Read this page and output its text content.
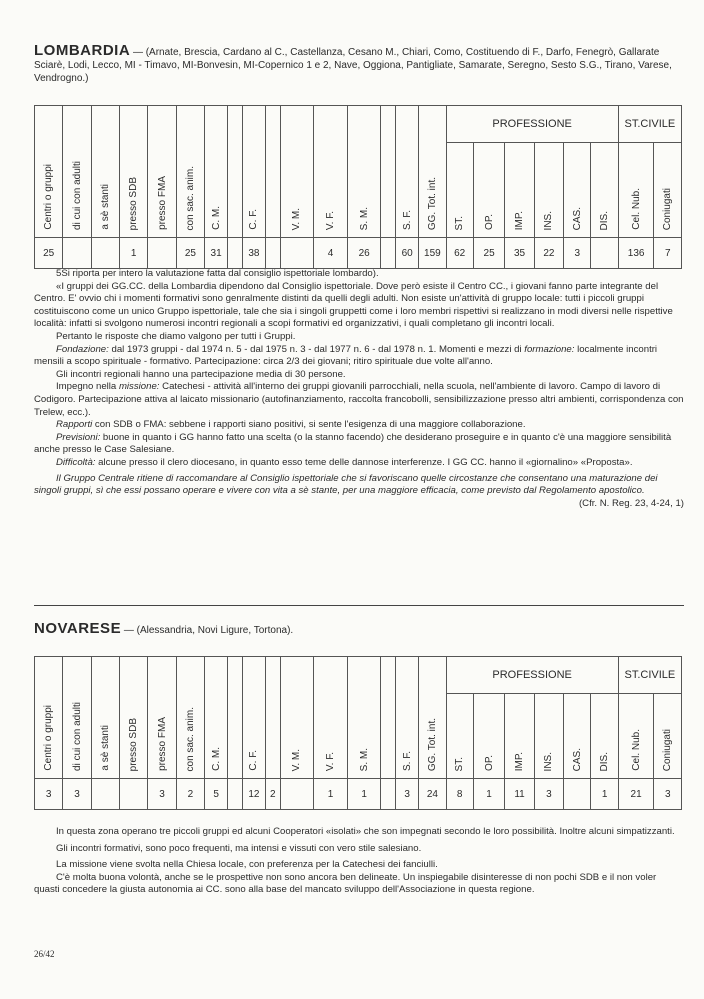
LOMBARDIA — (Arnate, Brescia, Cardano al C., Castellanza, Cesano M., Chiari, Como, Costituendo di F., Darfo, Fenegrò, Gallarate Sciarè, Lodi, Lecco, MI - Timavo, MI-Bonvesin, MI-Copernico 1 e 2, Nave, Oggiona, Pantigliate, Samarate, Seregno, Sesto S.G., Tirano, Varese, Vendrogno.)
Centri o gruppi	di cui con adulti	a sè stanti	presso SDB	presso FMA	con sac. anim.	C. M.		C. F.		V. M.	V. F.	S. M.		S. F.	GG. Tot. int.	PROFESSIONE						ST.CIVILE	
																ST.	OP.	IMP.	INS.	CAS.	DIS.	Cel. Nub.	Coniugati
25			1		25	31		38			4	26		60	159	62	25	35	22	3		136	7

5Si riporta per intero la valutazione fatta dal consiglio ispettoriale lombardo).

«I gruppi dei GG.CC. della Lombardia dipendono dal Consiglio ispettoriale. Dove però esiste il Centro CC., i giovani fanno parte integrante del Centro. E' ovvio chi i momenti formativi sono genralmente distinti da quelli degli adulti. Non esiste un'attività di gruppo locale: tutti i piccoli gruppi costituiscono come un unico Gruppo ispettoriale, tale che sia i singoli gruppetti come i loro membri rispettivi si realizzano in modi diversi nelle rispettive località: infatti si svolgono numerosi incontri regionali a scopi formativi ed organizzativi, i quali completano gli incontri locali.

Pertanto le risposte che diamo valgono per tutti i Gruppi.

Fondazione: dal 1973 gruppi - dal 1974 n. 5 - dal 1975 n. 3 - dal 1977 n. 6 - dal 1978 n. 1. Momenti e mezzi di formazione: localmente incontri mensili a scopo spirituale - formativo. Partecipazione: circa 2/3 dei giovani; ritiro spirituale due volte all'anno.

Gli incontri regionali hanno una partecipazione media di 30 persone.

Impegno nella missione: Catechesi - attività all'interno dei gruppi giovanili parrocchiali, nella scuola, nell'ambiente di lavoro. Campo di lavoro di Codigoro. Partecipazione attiva al laicato missionario (autofinanziamento, raccolta francobolli, sensibilizzazione presso altri ambienti, corrispondenza con Trelew, ecc.).

Rapporti con SDB o FMA: sebbene i rapporti siano positivi, si sente l'esigenza di una maggiore collaborazione.

Previsioni: buone in quanto i GG hanno fatto una scelta (o la stanno facendo) che desiderano proseguire e in quanto c'è una maggiore sensibilità anche presso le Case Salesiane.

Difficoltà: alcune presso il clero diocesano, in quanto esso teme delle dannose interferenze. I GG CC. hanno il «giornalino» «Proposta».

Il Gruppo Centrale ritiene di raccomandare al Consiglio ispettoriale che si favoriscano quelle circostanze che consentano una maturazione dei singoli gruppi, sì che essi possano operare e vivere con vita a sè stante, per una maggiore efficacia, come previsto dal Regolamento apostolico.

(Cfr. N. Reg. 23, 4-24, 1)

NOVARESE — (Alessandria, Novi Ligure, Tortona).
Centri o gruppi	di cui con adulti	a sè stanti	presso SDB	presso FMA	con sac. anim.	C. M.		C. F.		V. M.	V. F.	S. M.		S. F.	GG. Tot. int.	PROFESSIONE						ST.CIVILE	
																ST.	OP.	IMP.	INS.	CAS.	DIS.	Cel. Nub.	Coniugati
3	3			3	2	5		12	2		1	1		3	24	8	1	11	3		1	21	3

In questa zona operano tre piccoli gruppi ed alcuni Cooperatori «isolati» che son impegnati secondo le loro possibilità. Inoltre alcuni simpatizzanti.

Gli incontri formativi, sono poco frequenti, ma intensi e vissuti con vero stile salesiano.

La missione viene svolta nella Chiesa locale, con preferenza per la Catechesi dei fanciulli.

C'è molta buona volontà, anche se le prospettive non sono ancora ben delineate. Un inspiegabile disinteresse di non pochi SDB e il non voler quasti concedere la giusta autonomia ai CC. sono alla base del mancato sviluppo dell'Associazione in questa regione.

26/42
